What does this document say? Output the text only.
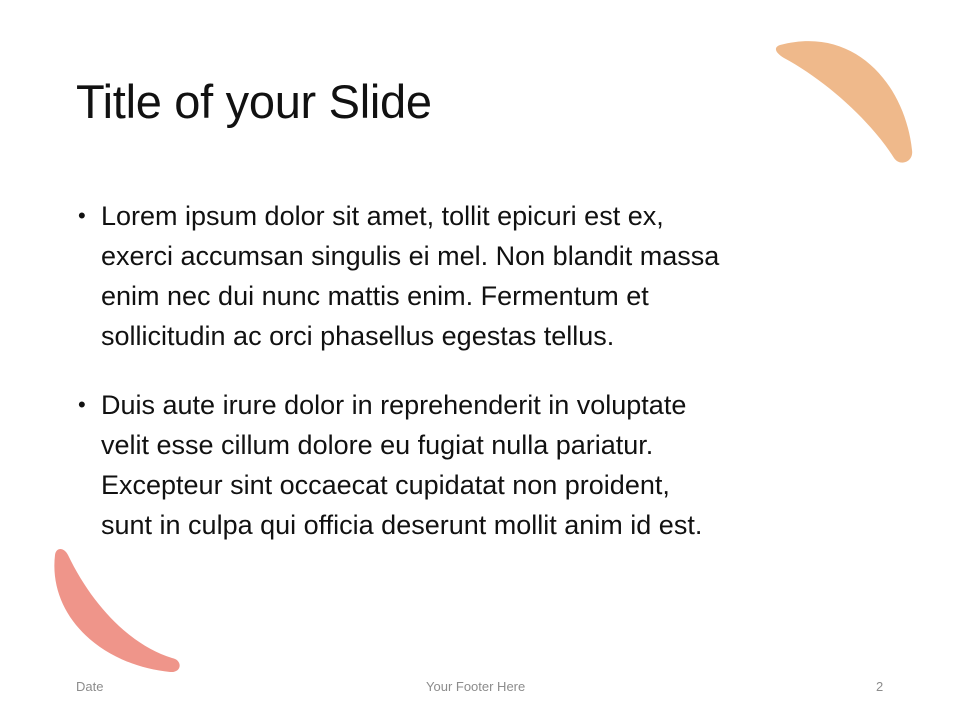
Title of your Slide
• Lorem ipsum dolor sit amet, tollit epicuri est ex,
exerci accumsan singulis ei mel. Non blandit massa
enim nec dui nunc mattis enim. Fermentum et
sollicitudin ac orci phasellus egestas tellus.
• Duis aute irure dolor in reprehenderit in voluptate
velit esse cillum dolore eu fugiat nulla pariatur.
Excepteur sint occaecat cupidatat non proident,
sunt in culpa qui officia deserunt mollit anim id est.
Date	Your Footer Here	2
